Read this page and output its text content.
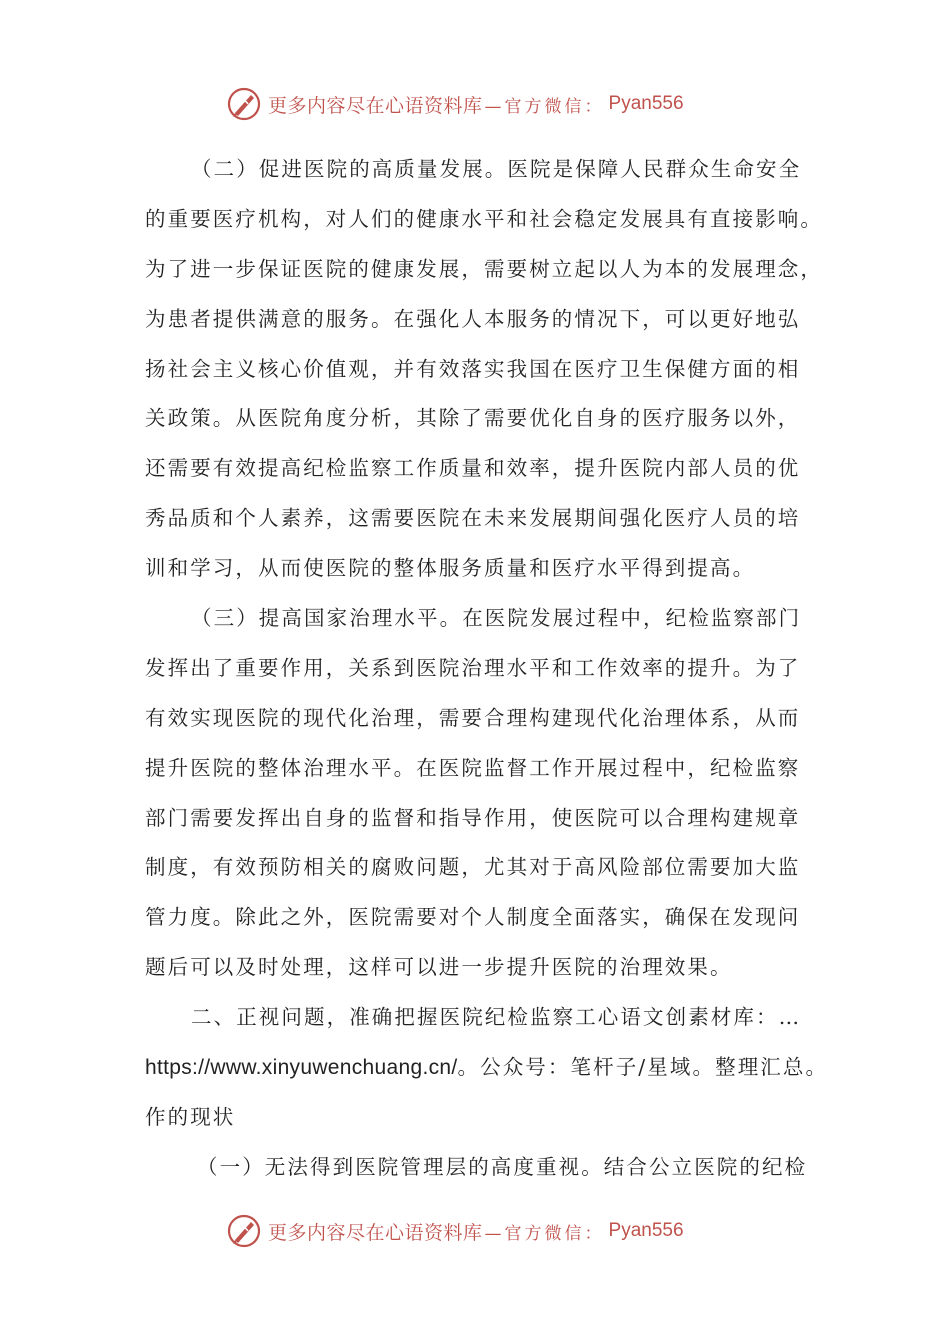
更多内容尽在心语资料库 —官方微信： Pyan556
（二）促进医院的高质量发展。医院是保障人民群众生命安全
的重要医疗机构，对人们的健康水平和社会稳定发展具有直接影响。
为了进一步保证医院的健康发展，需要树立起以人为本的发展理念，
为患者提供满意的服务。在强化人本服务的情况下，可以更好地弘
扬社会主义核心价值观，并有效落实我国在医疗卫生保健方面的相
关政策。从医院角度分析，其除了需要优化自身的医疗服务以外，
还需要有效提高纪检监察工作质量和效率，提升医院内部人员的优
秀品质和个人素养，这需要医院在未来发展期间强化医疗人员的培
训和学习，从而使医院的整体服务质量和医疗水平得到提高。
（三）提高国家治理水平。在医院发展过程中，纪检监察部门
发挥出了重要作用，关系到医院治理水平和工作效率的提升。为了
有效实现医院的现代化治理，需要合理构建现代化治理体系，从而
提升医院的整体治理水平。在医院监督工作开展过程中，纪检监察
部门需要发挥出自身的监督和指导作用，使医院可以合理构建规章
制度，有效预防相关的腐败问题，尤其对于高风险部位需要加大监
管力度。除此之外，医院需要对个人制度全面落实，确保在发现问
题后可以及时处理，这样可以进一步提升医院的治理效果。
二、正视问题，准确把握医院纪检监察工心语文创素材库：…
https://www.xinyuwenchuang.cn/。公众号：笔杆子/星域。整理汇总。
作的现状
（一）无法得到医院管理层的高度重视。结合公立医院的纪检
更多内容尽在心语资料库 —官方微信： Pyan556
